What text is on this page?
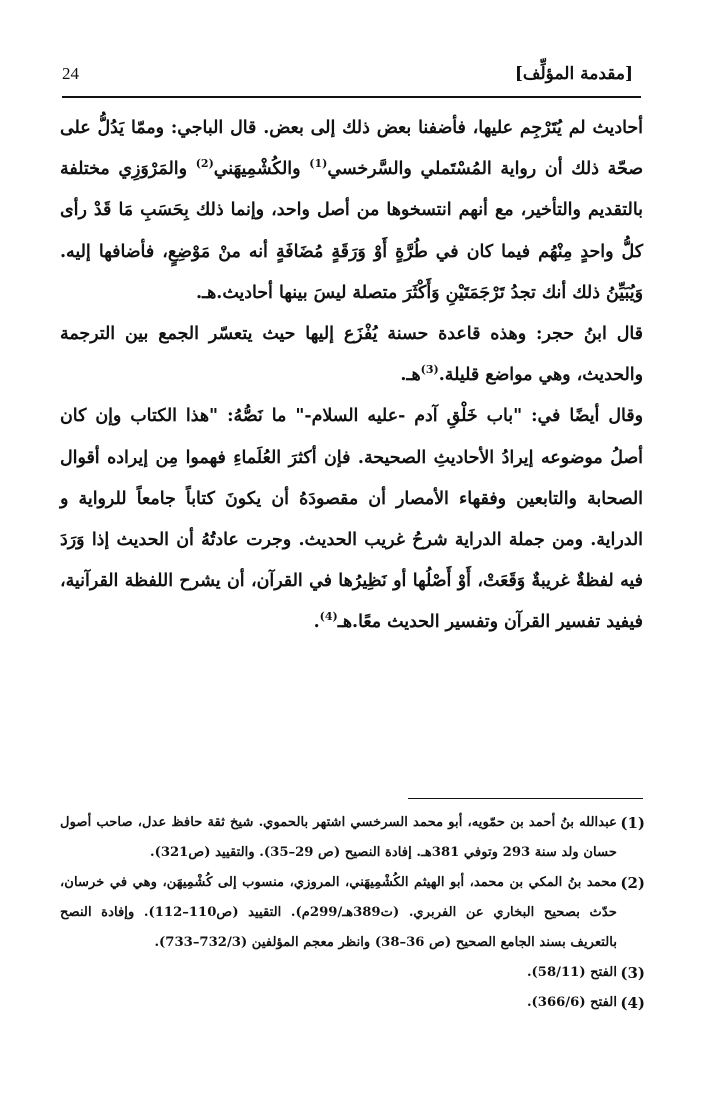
24	[مقدمة المؤلِّف]

أحاديث لم يُتَرْجِم عليها، فأضفنا بعض ذلك إلى بعض. قال الباجي: وممّا يَدُلُّ على صحّة ذلك أن رواية المُسْتَملي والسَّرخسي$^{(1)}$ والكُشْمِيهَني$^{(2)}$ والمَرْوَزِي مختلفة بالتقديم والتأخير، مع أنهم انتسخوها من أصل واحد، وإنما ذلك بِحَسَبِ مَا قَدْ رأى كلُّ واحدٍ مِنْهُم فيما كان في طُرَّةٍ أَوْ وَرَقَةٍ مُضَافَةٍ أنه منْ مَوْضِعٍ، فأضافها إليه. وَيُبَيِّنُ ذلك أنك تجدُ تَرْجَمَتَيْنِ وَأَكْثَرَ متصلة ليسَ بينها أحاديث.هـ.

قال ابنُ حجر: وهذه قاعدة حسنة يُفْزَع إليها حيث يتعسّر الجمع بين الترجمة والحديث، وهي مواضع قليلة.$^{(3)}$هـ.

وقال أيضًا في: "باب خَلْقِ آدم -عليه السلام-" ما نَصُّهُ: "هذا الكتاب وإن كان أصلُ موضوعه إيرادُ الأحاديثِ الصحيحة. فإن أكثرَ العُلَماءِ فهموا مِن إيراده أقوال الصحابة والتابعين وفقهاء الأمصار أن مقصودَهُ أن يكونَ كتاباً جامعاً للرواية و الدراية. ومن جملة الدراية شرحُ غريب الحديث. وجرت عادتُهُ أن الحديث إذا وَرَدَ فيه لفظةٌ غريبةٌ وَقَعَتْ، أَوْ أَصْلُها أو نَظِيرُها في القرآن، أن يشرح اللفظة القرآنية، فيفيد تفسير القرآن وتفسير الحديث معًا.هـ$^{(4)}$.

(1)
عبدالله بنُ أحمد بن حمّويه، أبو محمد السرخسي اشتهر بالحموي. شيخ ثقة حافظ عدل، صاحب أصول حسان ولد سنة 293 وتوفي 381هـ. إفادة النصيح (ص 29–35). والتقييد (ص321).
(2)
محمد بنُ المكي بن محمد، أبو الهيثم الكُشْمِيهَني، المروزي، منسوب إلى كُشْمِيهَن، وهي في خرسان، حدّث بصحيح البخاري عن الفربري. (ت389هـ/299م). التقييد (ص110–112). وإفادة النصح بالتعريف بسند الجامع الصحيح (ص 36–38) وانظر معجم المؤلفين (732/3–733).
(3)
الفتح (58/11).
(4)
الفتح (366/6).
